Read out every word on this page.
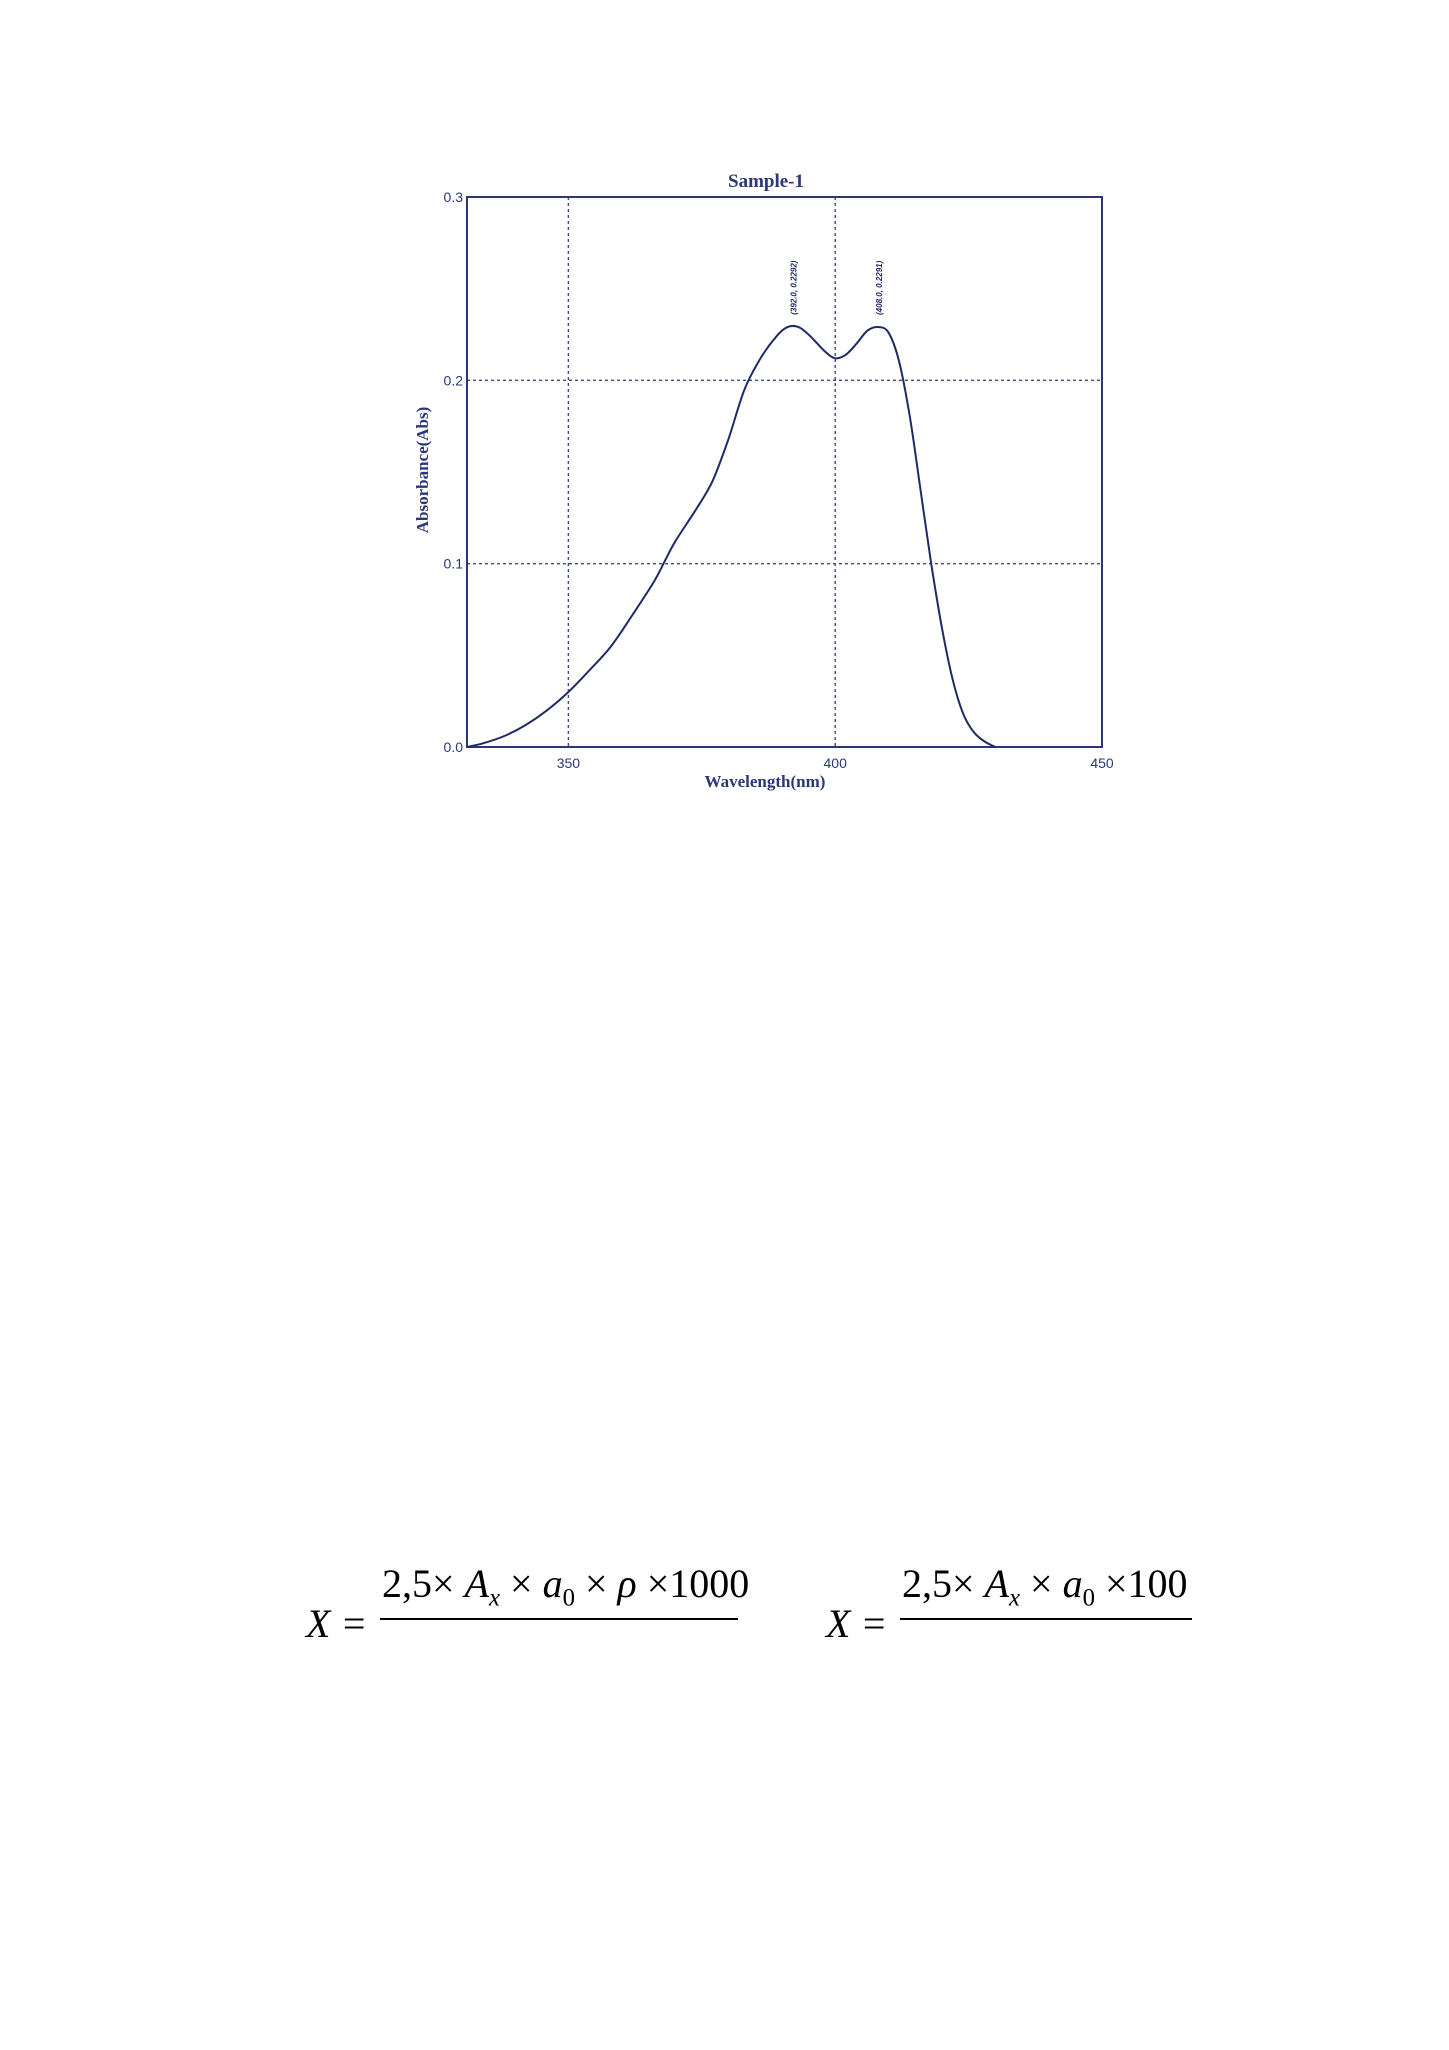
350	400	450
0.0
0.1
0.2
0.3
(392.0, 0.2292)	(408.0, 0.2291)
Sample-1
Wavelength(nm)
Absorbance(Abs)
X =
$2,5\times A_x \times a_0 \times \rho \times 1000$
X =
$2,5\times A_x \times a_0 \times 100$
